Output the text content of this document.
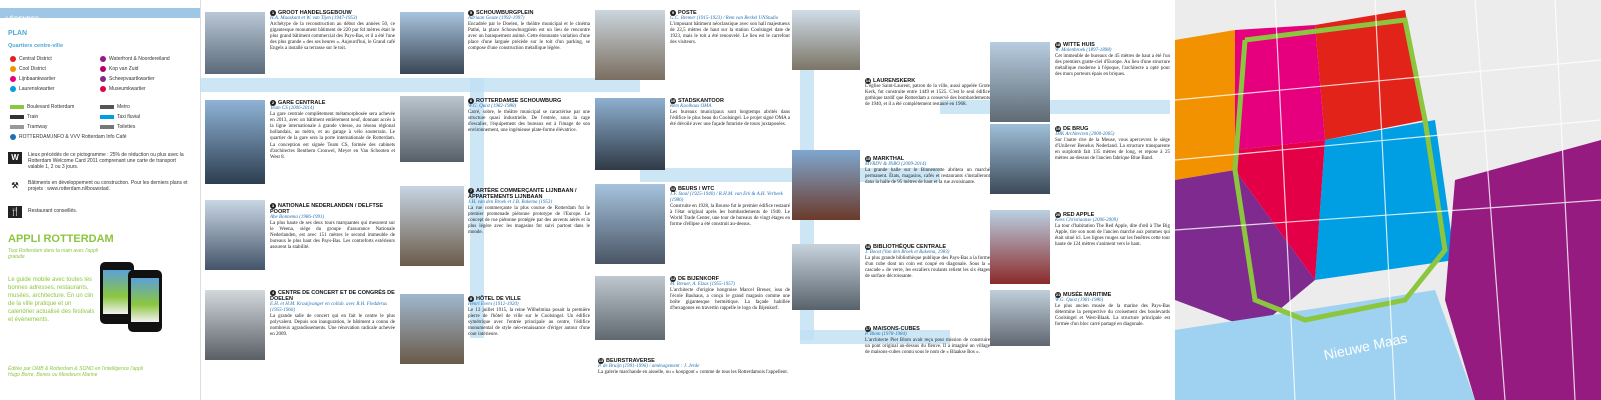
LÉGENDES
PLAN
Quartiers centre-ville
Central District
Cool District
Lijnbaankwartier
Laurenskwartier
Waterfront & Noordereiland
Kop van Zuid
Scheepvaartkwartier
Museumkwartier
Boulevard Rotterdam	Metro
Train	Taxi fluvial
Tramway	Toilettes
ROTTERDAM.INFO & VVV Rotterdam Info Café
W	Lieux précédés de ce pictogramme : 25% de réduction ou plus avec la Rotterdam Welcome Card 2011 comprenant une carte de transport valable 1, 2 ou 3 jours.
⚒	Bâtiments en développement ou construction. Pour les derniers plans et projets : www.rotterdam.nl/bouwstad.
🍴	Restaurant conseillés.
APPLI ROTTERDAM
Tout Rotterdam dans la main avec l'appli gratuite
Le guide mobile avec toutes les bonnes adresses, restaurants, musées, architecture. En un clin de la ville pratique et un calendrier actualisé des festivals et événements.
Éditée par OMB & Rotterdam & SOND en l'intelligence l'appli Hugo Borre, Benes ou Mesdeurs Marine
1 GROOT HANDELSGEBOUW
H.A. Maaskant et W. van Tijen (1947-1953)
Archétype de la reconstruction au début des années 50, ce gigantesque monument bâtiment de 220 par 84 mètres était le plus grand bâtiment commercial des Pays-Bas, et il a été l'une des plus grande « des ses heures ». Aujourd'hui, le Grand café Engels a installé sa terrasse sur le toit.
2 GARE CENTRALE
Team CS (2006-2014)
La gare centrale complètement métamorphosée sera achevée en 2013, avec un bâtiment entièrement neuf, donnant accès à la ligne internationale à grande vitesse, au réseau régional hollandais, au métro, et au garage à vélo souterrain. Le quartier de la gare sera la porte internationale de Rotterdam. La conception est signée Team CS, formée des cabinets d'architectes Benthem Crouwel, Meyer en Van Schooten et West 8.
3 NATIONALE NEDERLANDEN / DELFTSE POORT
Abe Bonnema (1986-1991)
La plus haute de ses deux tours marquantes qui mesurent sur le Weena, siège du groupe d'assurance Nationale Nederlanden, est avec 151 mètres le second immeuble de bureaux le plus haut des Pays-Bas. Les contreforts extérieurs assurent la stabilité.
4 CENTRE DE CONCERT ET DE CONGRÈS DE DOELEN
E.H. et H.M. Kraaijvanger en collab. avec R.H. Fledderus (1955-1966)
La grande salle de concert qui en fait le centre le plus polyvalent. Depuis son inauguration, le bâtiment a connu de nombreux agrandissements. Une rénovation radicale achevée en 2009.
5 SCHOUWBURGPLEIN
Adriaan Geuze (1992-1997)
Encadrée par le Doelen, le théâtre municipal et le cinéma Pathé, la place Schouwburgplein est un lieu de rencontre avec un baraquement animé. Cette étonnante variation d'une place d'une larguée précède sur le toit d'un parking, se compose d'une construction métallique légère.
6 ROTTERDAMSE SCHOUWBURG
W.G. Quist (1982-1988)
Carré, sobre, le théâtre municipal se caractérise par une structure quasi industrielle. De l'entrée, sous la cage d'escalier, l'équipement des bureaux est à l'image de son environnement, une ingénieuse plate-forme élévatrice.
7 ARTÈRE COMMERÇANTE LIJNBAAN / APPARTEMENTS LIJNBAAN
J.H. van den Broek et J.B. Bakema (1953)
La rue commerçante la plus courue de Rotterdam fut le premier promenade piétonne prototype de l'Europe. Le concept de rue piétonne protégée par des auvents aérés et la plus légère avec les magasins fut suivi partout dans le monde.
8 HÔTEL DE VILLE
Henri Evers (1912-1920)
Le 13 juillet 1915, la reine Wilhelmina posait la première pierre de l'hôtel de ville sur le Coolsingel. Un édifice symétrique avec l'entrée principale au centre, l'édifice monumental de style néo-renaissance d'ériger autour d'une cour intérieure.
9 POSTE
G.C. Bremer (1915-1923) / Rem van Berkel UNStudio
L'imposant bâtiment néoclassique avec son hall majestueux de 22,5 mètres de haut sur la station Coolsingel date de 1923, mais le toit a été renouvelé. Le lieu est le carrefour des visiteurs.
10 STADSKANTOOR
Rem Koolhaas OMA
Les bureaux municipaux sont longtemps abrités dans l'édifice le plus beau du Coolsingel. Le projet signé OMA a été dévoilé avec une façade futuriste de tours juxtaposées.
11 BEURS / WTC
J.F. Staal (1925-1940) / R.H.M. van Erk & A.H. Verbeek (1986)
Construite en 1928, la Bourse fut le premier édifice restauré à l'état original après les bombardements de 1940. Le World Trade Center, une tour de bureaux de vingt étages en forme d'ellipse a été construit au-dessus.
12 DE BIJENKORF
M. Breuer, A. Elzas (1955-1957)
L'architecte d'origine hongroise Marcel Breuer, issu de l'école Bauhaus, a conçu le grand magasin comme une boîte gigantesque hermétique. La façade habillée d'hexagones en travertin rappelle le logo du Bijenkorf.
13 BEURSTRAVERSE
P. de Bruijn (1991-1996) / aménagement : J. Jerde
La galerie marchande en aisselle, ou « koopgoot » comme de tous les Rotterdamois l'appellent.
14 LAURENSKERK
L'église Saint-Laurent, patron de la ville, aussi appelée Grote Kerk, fut construite entre 1449 et 1525. C'est le seul édifice gothique tardif que Rotterdam a conservé des bombardements de 1940, et il a été complètement restauré en 1968.
15 MARKTHAL
MVRDV & INBO (2009-2014)
La grande halle sur le Binnenrotte abritera un marché permanent. États, magasins, cafés et restaurants s'installeront dans la halle de 95 mètres de haut et la rue avoisinante.
16 BIBLIOTHÈQUE CENTRALE
J. Boost (Van den Broek et Bakema, 1983)
La plus grande bibliothèque publique des Pays-Bas a la forme d'un cube dont un coin est coupé en diagonale. Sous la « cascade » de verre, les escaliers roulants relient les six étages de surface décroissante.
17 MAISONS-CUBES
P. Blom (1978-1984)
L'architecte Piet Blom avait reçu pour mission de construire un pont original au-dessus du fleuve. Il a imaginé un village de maisons-cubes connu sous le nom de « Blaakse Bos ».
18 WITTE HUIS
W. Molenbroek (1897-1898)
Cet immeuble de bureaux de 45 mètres de haut a été l'un des premiers gratte-ciel d'Europe. Au lieu d'une structure métallique moderne à l'époque, l'architecte a opté pour des murs porteurs épais en briques.
19 DE BRUG
JHK Architecten (2000-2005)
Sur l'autre rive de la Meuse, vous apercevrez le siège d'Unilever Benelux Nederland. La structure transparente en surplomb fait 135 mètres de long, et repose à 25 mètres au-dessus de l'ancien fabrique Blue Band.
20 RED APPLE
Kees Christiaanse (2006-2009)
La tour d'habitation The Red Apple, dite d'œil à The Big Apple, tire son nom de l'ancien marché aux pommes qui était situé ici. Les lignes rouges sur les fenêtres cette tour haute de 124 mètres s'animent vers le haut.
21 MUSÉE MARITIME
W.G. Quist (1981-1986)
Le plus ancien musée de la marine des Pays-Bas détermine la perspective du croisement des boulevards Coolsingel et West-Blaak. La structure principale est formée d'un bloc carré partagé en diagonale.
Nieuwe Maas
